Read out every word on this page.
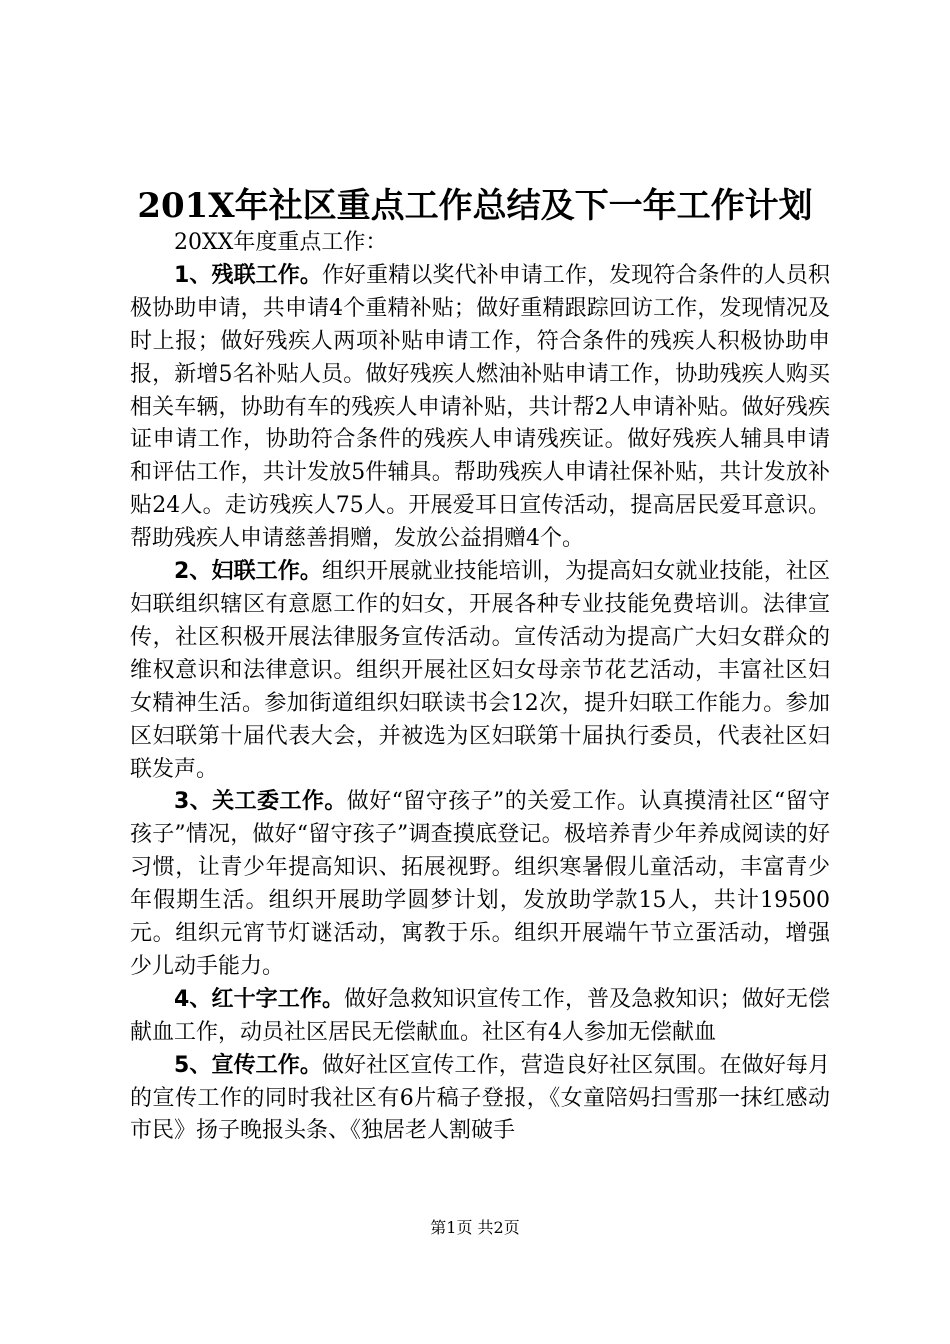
201X年社区重点工作总结及下一年工作计划

20XX年度重点工作：

1、残联工作。作好重精以奖代补申请工作，发现符合条件的人员积极协助申请，共申请4个重精补贴；做好重精跟踪回访工作，发现情况及时上报；做好残疾人两项补贴申请工作，符合条件的残疾人积极协助申报，新增5名补贴人员。做好残疾人燃油补贴申请工作，协助残疾人购买相关车辆，协助有车的残疾人申请补贴，共计帮2人申请补贴。做好残疾证申请工作，协助符合条件的残疾人申请残疾证。做好残疾人辅具申请和评估工作，共计发放5件辅具。帮助残疾人申请社保补贴，共计发放补贴24人。走访残疾人75人。开展爱耳日宣传活动，提高居民爱耳意识。帮助残疾人申请慈善捐赠，发放公益捐赠4个。

2、妇联工作。组织开展就业技能培训，为提高妇女就业技能，社区妇联组织辖区有意愿工作的妇女，开展各种专业技能免费培训。法律宣传，社区积极开展法律服务宣传活动。宣传活动为提高广大妇女群众的维权意识和法律意识。组织开展社区妇女母亲节花艺活动，丰富社区妇女精神生活。参加街道组织妇联读书会12次，提升妇联工作能力。参加区妇联第十届代表大会，并被选为区妇联第十届执行委员，代表社区妇联发声。

3、关工委工作。做好“留守孩子”的关爱工作。认真摸清社区“留守孩子”情况，做好“留守孩子”调查摸底登记。极培养青少年养成阅读的好习惯，让青少年提高知识、拓展视野。组织寒暑假儿童活动，丰富青少年假期生活。组织开展助学圆梦计划，发放助学款15人，共计19500元。组织元宵节灯谜活动，寓教于乐。组织开展端午节立蛋活动，增强少儿动手能力。

4、红十字工作。做好急救知识宣传工作，普及急救知识；做好无偿献血工作，动员社区居民无偿献血。社区有4人参加无偿献血

5、宣传工作。做好社区宣传工作，营造良好社区氛围。在做好每月的宣传工作的同时我社区有6片稿子登报，《女童陪妈扫雪那一抹红感动市民》扬子晚报头条、《独居老人割破手

第1页 共2页
